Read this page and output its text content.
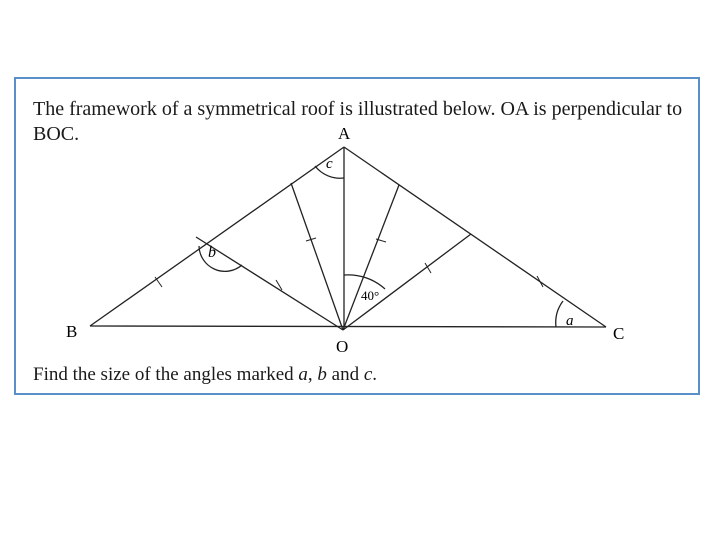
The framework of a symmetrical roof is illustrated below. OA is perpendicular to BOC.	A
B	C
O
a
b
c
40°

Find the size of the angles marked a, b and c.
